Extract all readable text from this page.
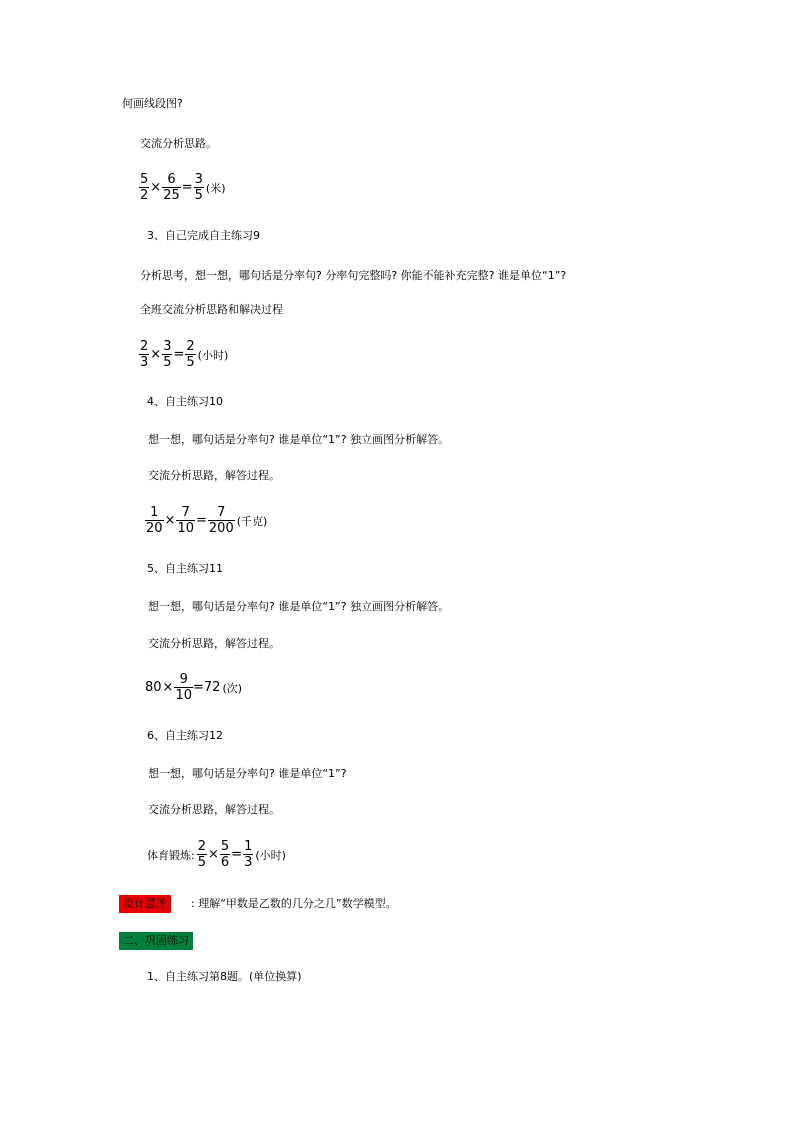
何画线段图?
交流分析思路。
$\frac{5}{2} \times \frac{6}{25} = \frac{3}{5}$ (米)
3、自己完成自主练习9
分析思考，想一想，哪句话是分率句? 分率句完整吗? 你能不能补充完整? 谁是单位“1”?
全班交流分析思路和解决过程
$\frac{2}{3} \times \frac{3}{5} = \frac{2}{5}$ (小时)
4、自主练习10
想一想，哪句话是分率句? 谁是单位“1”? 独立画图分析解答。
交流分析思路，解答过程。
$\frac{1}{20} \times \frac{7}{10} = \frac{7}{200}$ (千克)
5、自主练习11
想一想，哪句话是分率句? 谁是单位“1”? 独立画图分析解答。
交流分析思路，解答过程。
$80 \times \frac{9}{10} =72$ (次)
6、自主练习12
想一想，哪句话是分率句? 谁是单位“1”?
交流分析思路，解答过程。
体育锻炼: $\frac{2}{5} \times \frac{5}{6} = \frac{1}{3}$ (小时)
设计意图	: 理解“甲数是乙数的几分之几”数学模型。
二、巩固练习
1、自主练习第8题。(单位换算)
